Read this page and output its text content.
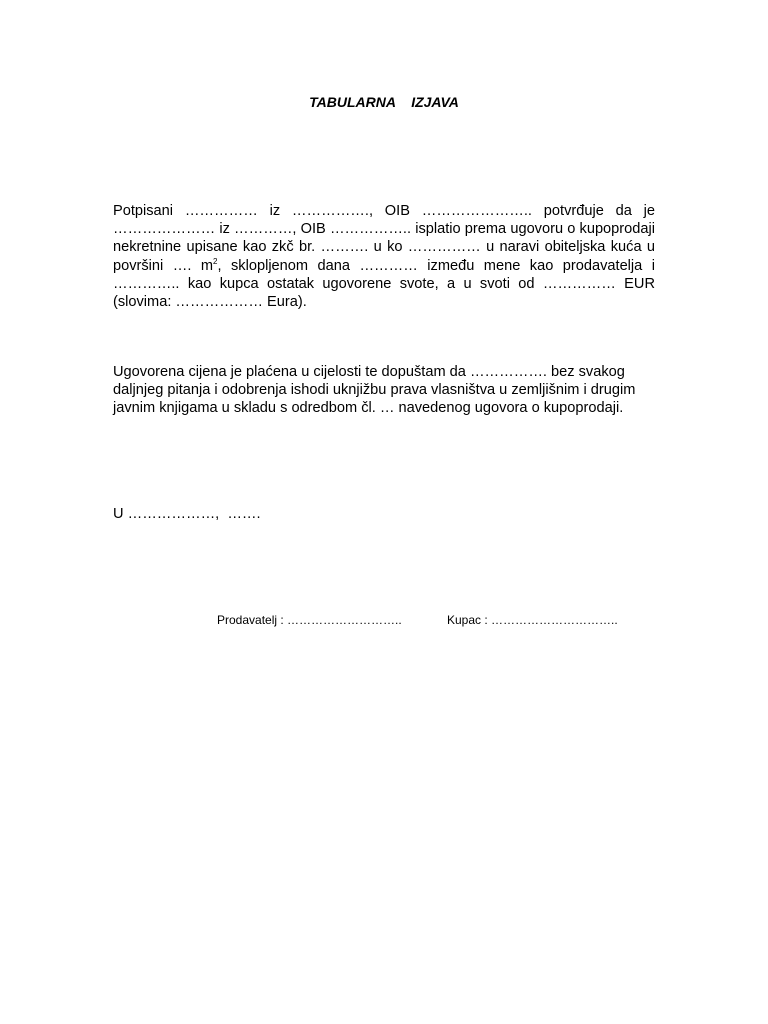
TABULARNA  IZJAVA
Potpisani …………… iz ……………., OIB ………………….. potvrđuje da je ………………… iz …………, OIB …………….. isplatio prema ugovoru o kupoprodaji nekretnine upisane kao zkč br. ………. u ko …………… u naravi obiteljska kuća u površini …. $m^2$, sklopljenom dana ………… između mene kao prodavatelja i ………….. kao kupca ostatak ugovorene svote, a u svoti od …………… EUR (slovima: ……………… Eura).
Ugovorena cijena je plaćena u cijelosti te dopuštam da ……………. bez svakog daljnjeg pitanja i odobrenja ishodi uknjižbu prava vlasništva u zemljišnim i drugim javnim knjigama u skladu s odredbom čl. … navedenog ugovora o kupoprodaji.
U ………………,  …….
Prodavatelj : ………………………..	Kupac : …………………………..
